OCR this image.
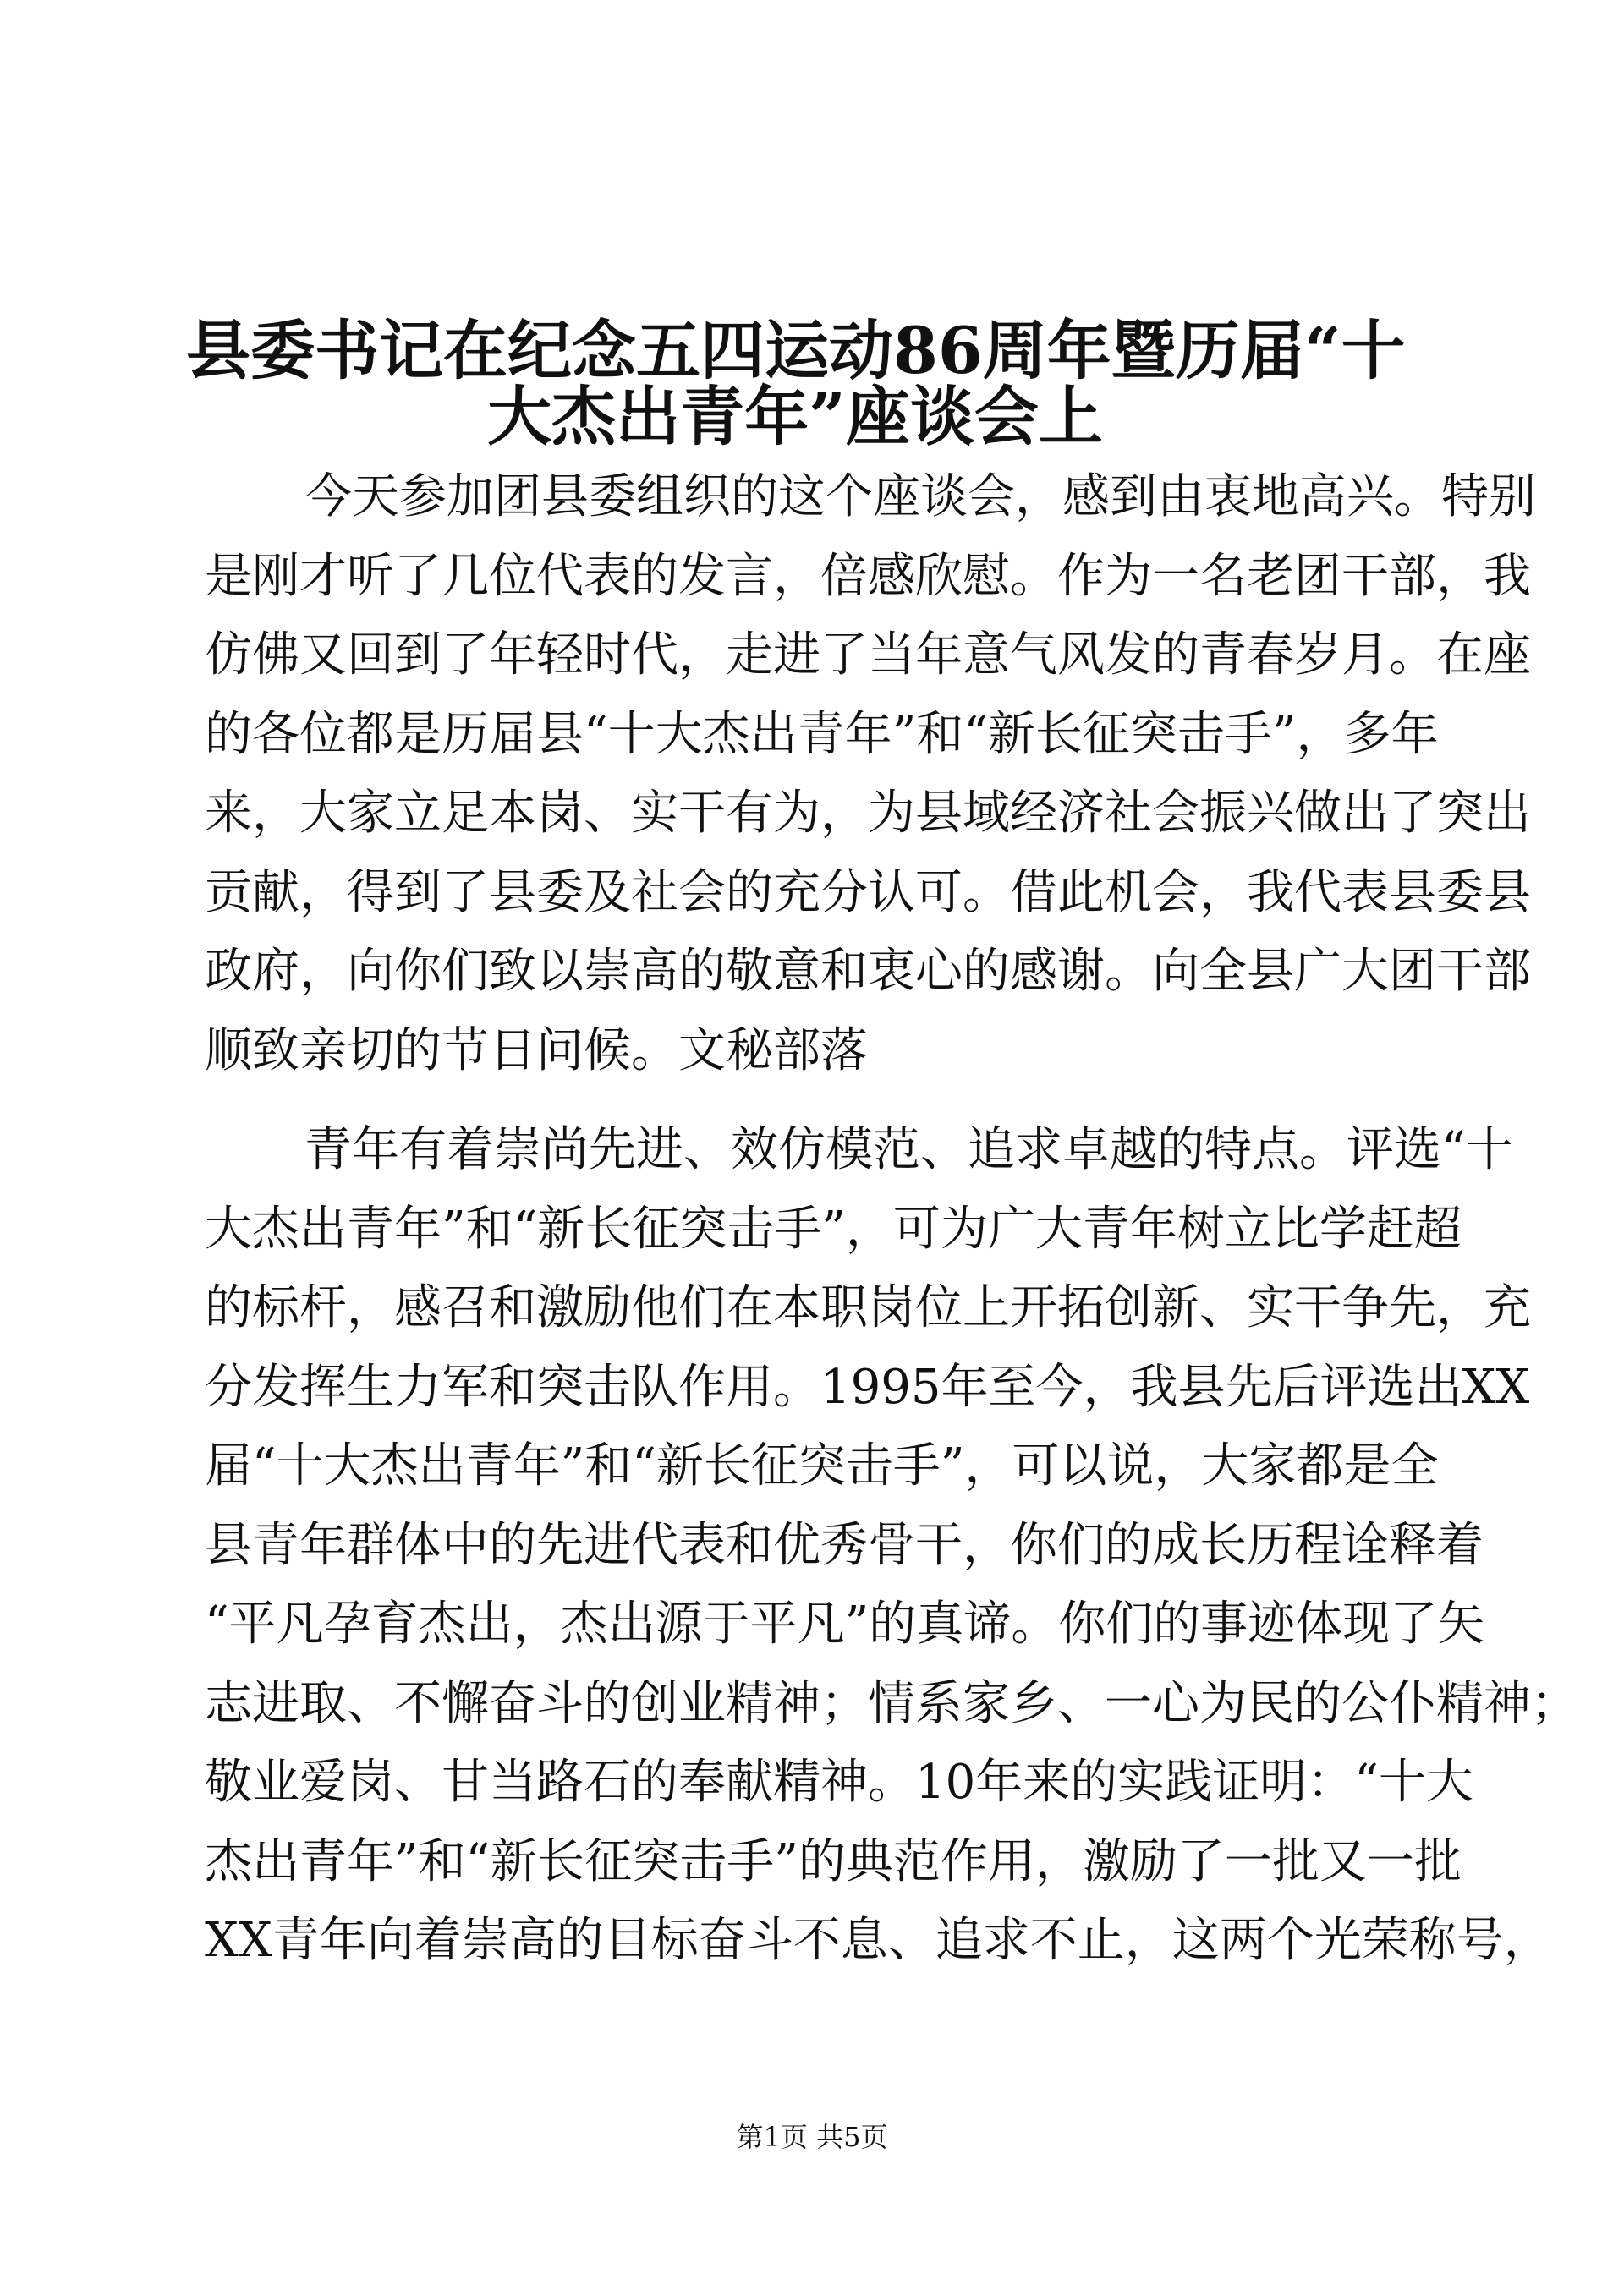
县委书记在纪念五四运动86周年暨历届“十
大杰出青年”座谈会上
今天参加团县委组织的这个座谈会，感到由衷地高兴。特别
是刚才听了几位代表的发言，倍感欣慰。作为一名老团干部，我
仿佛又回到了年轻时代，走进了当年意气风发的青春岁月。在座
的各位都是历届县“十大杰出青年”和“新长征突击手”，多年
来，大家立足本岗、实干有为，为县域经济社会振兴做出了突出
贡献，得到了县委及社会的充分认可。借此机会，我代表县委县
政府，向你们致以崇高的敬意和衷心的感谢。向全县广大团干部
顺致亲切的节日问候。文秘部落
青年有着崇尚先进、效仿模范、追求卓越的特点。评选“十
大杰出青年”和“新长征突击手”，可为广大青年树立比学赶超
的标杆，感召和激励他们在本职岗位上开拓创新、实干争先，充
分发挥生力军和突击队作用。1995年至今，我县先后评选出XX
届“十大杰出青年”和“新长征突击手”，可以说，大家都是全
县青年群体中的先进代表和优秀骨干，你们的成长历程诠释着
“平凡孕育杰出，杰出源于平凡”的真谛。你们的事迹体现了矢
志进取、不懈奋斗的创业精神；情系家乡、一心为民的公仆精神；
敬业爱岗、甘当路石的奉献精神。10年来的实践证明：“十大
杰出青年”和“新长征突击手”的典范作用，激励了一批又一批
XX青年向着崇高的目标奋斗不息、追求不止，这两个光荣称号，
第1页 共5页
